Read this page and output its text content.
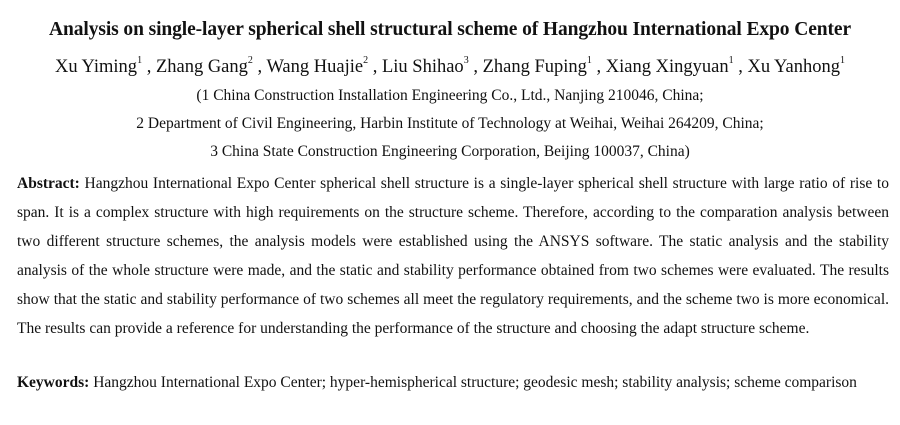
Analysis on single-layer spherical shell structural scheme of Hangzhou International Expo Center
Xu Yiming$^1$ , Zhang Gang$^2$ , Wang Huajie$^2$ , Liu Shihao$^3$ , Zhang Fuping$^1$ , Xiang Xingyuan$^1$ , Xu Yanhong$^1$
(1 China Construction Installation Engineering Co., Ltd., Nanjing 210046, China;
2 Department of Civil Engineering, Harbin Institute of Technology at Weihai, Weihai 264209, China;
3 China State Construction Engineering Corporation, Beijing 100037, China)
Abstract: Hangzhou International Expo Center spherical shell structure is a single-layer spherical shell structure with large ratio of rise to span. It is a complex structure with high requirements on the structure scheme. Therefore, according to the comparation analysis between two different structure schemes, the analysis models were established using the ANSYS software. The static analysis and the stability analysis of the whole structure were made, and the static and stability performance obtained from two schemes were evaluated. The results show that the static and stability performance of two schemes all meet the regulatory requirements, and the scheme two is more economical. The results can provide a reference for understanding the performance of the structure and choosing the adapt structure scheme.
Keywords: Hangzhou International Expo Center; hyper-hemispherical structure; geodesic mesh; stability analysis; scheme comparison
